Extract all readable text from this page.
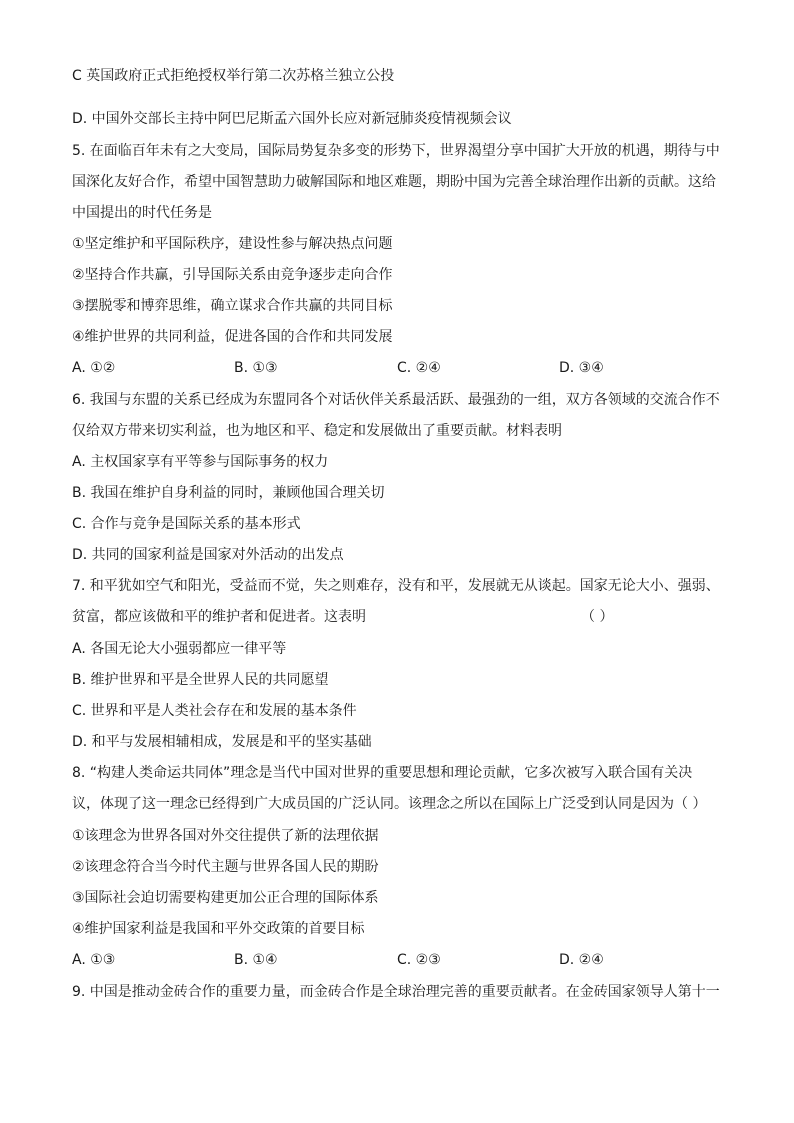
C 英国政府正式拒绝授权举行第二次苏格兰独立公投
D. 中国外交部长主持中阿巴尼斯孟六国外长应对新冠肺炎疫情视频会议
5. 在面临百年未有之大变局，国际局势复杂多变的形势下，世界渴望分享中国扩大开放的机遇，期待与中
国深化友好合作，希望中国智慧助力破解国际和地区难题，期盼中国为完善全球治理作出新的贡献。这给
中国提出的时代任务是
①坚定维护和平国际秩序，建设性参与解决热点问题
②坚持合作共赢，引导国际关系由竞争逐步走向合作
③摆脱零和博弈思维，确立谋求合作共赢的共同目标
④维护世界的共同利益，促进各国的合作和共同发展
A. ①②	B. ①③	C. ②④	D. ③④
6. 我国与东盟的关系已经成为东盟同各个对话伙伴关系最活跃、最强劲的一组，双方各领域的交流合作不
仅给双方带来切实利益，也为地区和平、稳定和发展做出了重要贡献。材料表明
A. 主权国家享有平等参与国际事务的权力
B. 我国在维护自身利益的同时，兼顾他国合理关切
C. 合作与竞争是国际关系的基本形式
D. 共同的国家利益是国家对外活动的出发点
7. 和平犹如空气和阳光，受益而不觉，失之则难存，没有和平，发展就无从谈起。国家无论大小、强弱、
贫富，都应该做和平的维护者和促进者。这表明	（ ）
A. 各国无论大小强弱都应一律平等
B. 维护世界和平是全世界人民的共同愿望
C. 世界和平是人类社会存在和发展的基本条件
D. 和平与发展相辅相成，发展是和平的坚实基础
8. “构建人类命运共同体”理念是当代中国对世界的重要思想和理论贡献，它多次被写入联合国有关决
议，体现了这一理念已经得到广大成员国的广泛认同。该理念之所以在国际上广泛受到认同是因为（ ）
①该理念为世界各国对外交往提供了新的法理依据
②该理念符合当今时代主题与世界各国人民的期盼
③国际社会迫切需要构建更加公正合理的国际体系
④维护国家利益是我国和平外交政策的首要目标
A. ①③	B. ①④	C. ②③	D. ②④
9. 中国是推动金砖合作的重要力量，而金砖合作是全球治理完善的重要贡献者。在金砖国家领导人第十一
